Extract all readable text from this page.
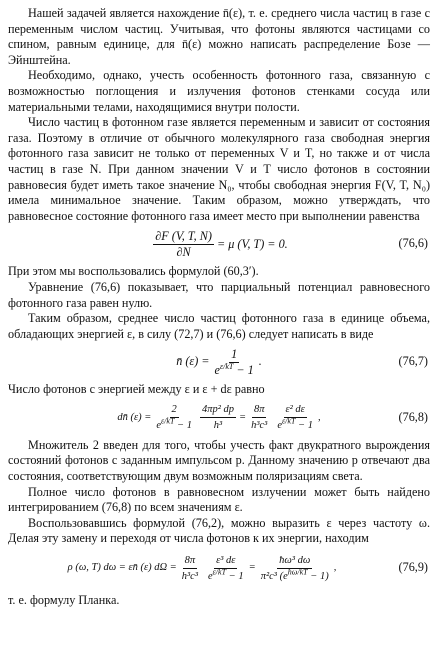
Нашей задачей является нахождение n̄(ε), т. е. среднего числа частиц в газе с переменным числом частиц. Учитывая, что фотоны являются частицами со спином, равным единице, для n̄(ε) можно написать распределение Бозе — Эйнштейна.

Необходимо, однако, учесть особенность фотонного газа, связанную с возможностью поглощения и излучения фотонов стенками сосуда или материальными телами, находящимися внутри полости.

Число частиц в фотонном газе является переменным и зависит от состояния газа. Поэтому в отличие от обычного молекулярного газа свободная энергия фотонного газа зависит не только от переменных V и T, но также и от числа частиц в газе N. При данном значении V и T число фотонов в состоянии равновесия будет иметь такое значение N₀, чтобы свободная энергия F(V, T, N₀) имела минимальное значение. Таким образом, можно утверждать, что равновесное состояние фотонного газа имеет место при выполнении равенства

$\frac{\partial F (V, T, N)}{\partial N} = \mu$ (V, T) = 0.	(76,6)

При этом мы воспользовались формулой (60,3′).

Уравнение (76,6) показывает, что парциальный потенциал равновесного фотонного газа равен нулю.

Таким образом, среднее число частиц фотонного газа в единице объема, обладающих энергией ε, в силу (72,7) и (76,6) следует написать в виде

n̄ $(\varepsilon) = \frac{1}{e^{\varepsilon/kT} - 1}$ .	(76,7)

Число фотонов с энергией между ε и ε + dε равно

dn̄ $(\varepsilon) = \frac{2}{e^{\varepsilon/kT} - 1} \frac{\text{4πp² dp}}{\text{h³}} = \frac{8\pi}{\text{h³c³}} \frac{\text{ε² dε}}{e^{\varepsilon/kT} - 1}$ ,	(76,8)

Множитель 2 введен для того, чтобы учесть факт двукратного вырождения состояний фотонов с заданным импульсом p. Данному значению p отвечают два состояния, соответствующим двум возможным поляризациям света.

Полное число фотонов в равновесном излучении может быть найдено интегрированием (76,8) по всем значениям ε.

Воспользовавшись формулой (76,2), можно выразить ε через частоту ω. Делая эту замену и переходя от числа фотонов к их энергии, находим

ρ (ω, T) dω = εn̄ (ε) $d\Omega = \frac{8\pi}{\text{h³c³}} \frac{\text{ε³ dε}}{e^{\varepsilon/kT} - 1} = \frac{\text{ħω³ dω}}{\pi^2c^3 (e^{ħ\omega/kT} - 1)}$ ,	(76,9)

т. е. формулу Планка.
